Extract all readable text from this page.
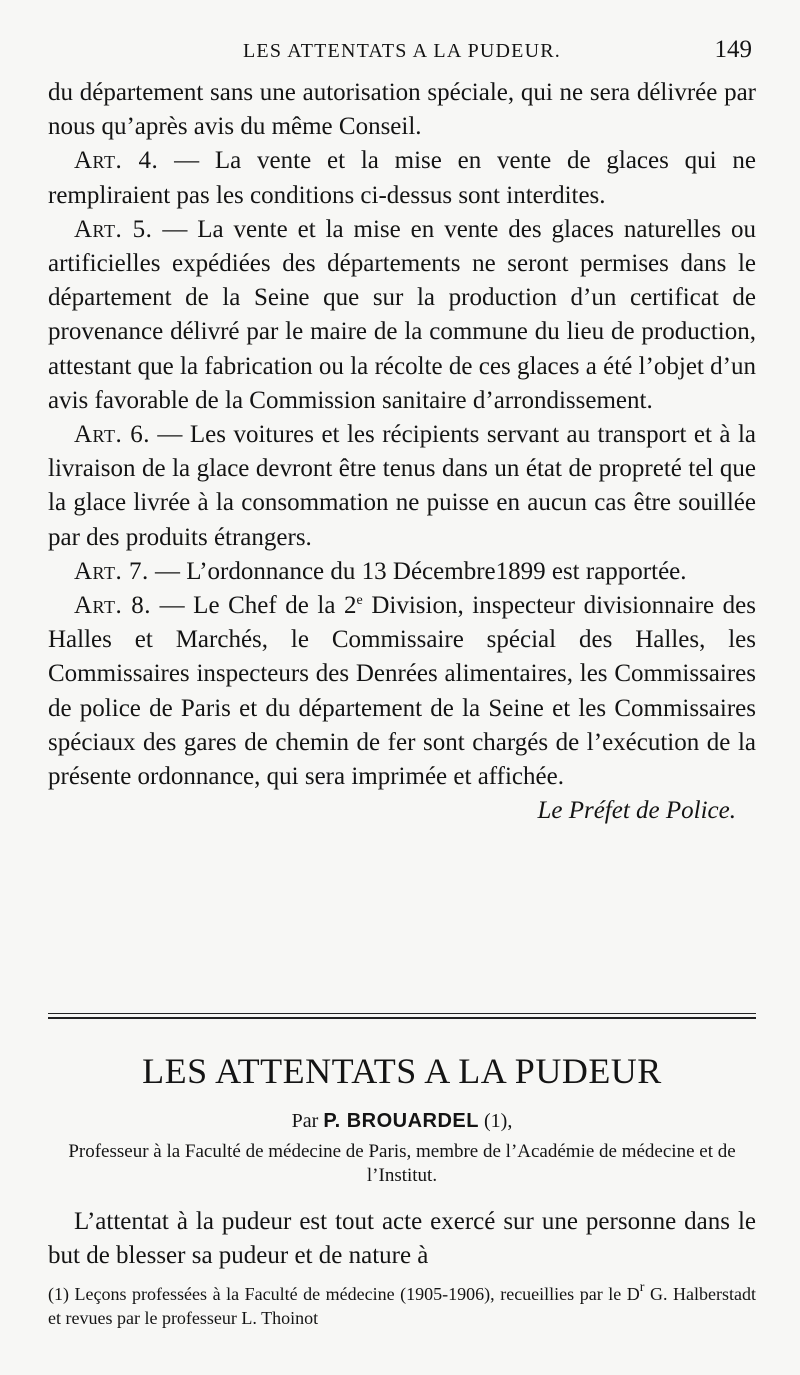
LES ATTENTATS A LA PUDEUR.	149

du département sans une autorisation spéciale, qui ne sera délivrée par nous qu’après avis du même Conseil.

Art. 4. — La vente et la mise en vente de glaces qui ne rempliraient pas les conditions ci-dessus sont interdites.

Art. 5. — La vente et la mise en vente des glaces naturelles ou artificielles expédiées des départements ne seront permises dans le département de la Seine que sur la production d’un certificat de provenance délivré par le maire de la commune du lieu de production, attestant que la fabrication ou la récolte de ces glaces a été l’objet d’un avis favorable de la Commission sanitaire d’arrondissement.

Art. 6. — Les voitures et les récipients servant au transport et à la livraison de la glace devront être tenus dans un état de propreté tel que la glace livrée à la consommation ne puisse en aucun cas être souillée par des produits étrangers.

Art. 7. — L’ordonnance du 13 Décembre1899 est rapportée.

Art. 8. — Le Chef de la 2e Division, inspecteur divisionnaire des Halles et Marchés, le Commissaire spécial des Halles, les Commissaires inspecteurs des Denrées alimentaires, les Commissaires de police de Paris et du département de la Seine et les Commissaires spéciaux des gares de chemin de fer sont chargés de l’exécution de la présente ordonnance, qui sera imprimée et affichée.

Le Préfet de Police.

LES ATTENTATS A LA PUDEUR
Par P. BROUARDEL (1),
Professeur à la Faculté de médecine de Paris, membre de l’Académie de médecine et de l’Institut.

L’attentat à la pudeur est tout acte exercé sur une personne dans le but de blesser sa pudeur et de nature à

(1) Leçons professées à la Faculté de médecine (1905-1906), recueillies par le $D^r$ G. Halberstadt et revues par le professeur L. Thoinot
